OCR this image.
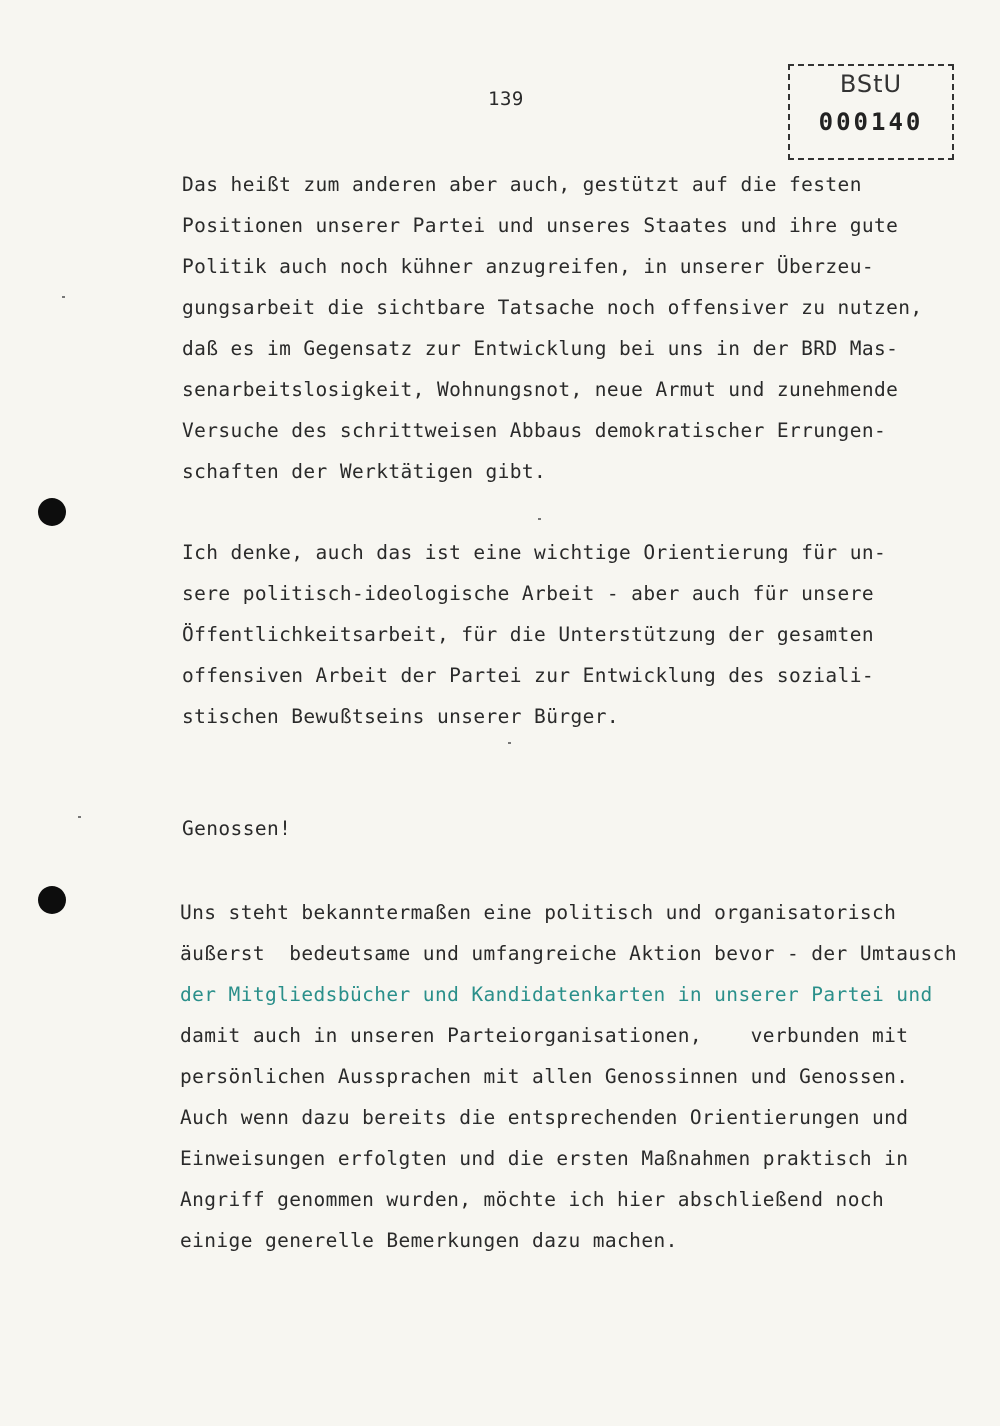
139
BStU
000140
Das heißt zum anderen aber auch, gestützt auf die festen
Positionen unserer Partei und unseres Staates und ihre gute
Politik auch noch kühner anzugreifen, in unserer Überzeu-
gungsarbeit die sichtbare Tatsache noch offensiver zu nutzen,
daß es im Gegensatz zur Entwicklung bei uns in der BRD Mas-
senarbeitslosigkeit, Wohnungsnot, neue Armut und zunehmende
Versuche des schrittweisen Abbaus demokratischer Errungen-
schaften der Werktätigen gibt.
Ich denke, auch das ist eine wichtige Orientierung für un-
sere politisch-ideologische Arbeit - aber auch für unsere
Öffentlichkeitsarbeit, für die Unterstützung der gesamten
offensiven Arbeit der Partei zur Entwicklung des soziali-
stischen Bewußtseins unserer Bürger.
Genossen!
Uns steht bekanntermaßen eine politisch und organisatorisch
äußerst  bedeutsame und umfangreiche Aktion bevor - der Umtausch
der Mitgliedsbücher und Kandidatenkarten in unserer Partei und
damit auch in unseren Parteiorganisationen,    verbunden mit
persönlichen Aussprachen mit allen Genossinnen und Genossen.
Auch wenn dazu bereits die entsprechenden Orientierungen und
Einweisungen erfolgten und die ersten Maßnahmen praktisch in
Angriff genommen wurden, möchte ich hier abschließend noch
einige generelle Bemerkungen dazu machen.
